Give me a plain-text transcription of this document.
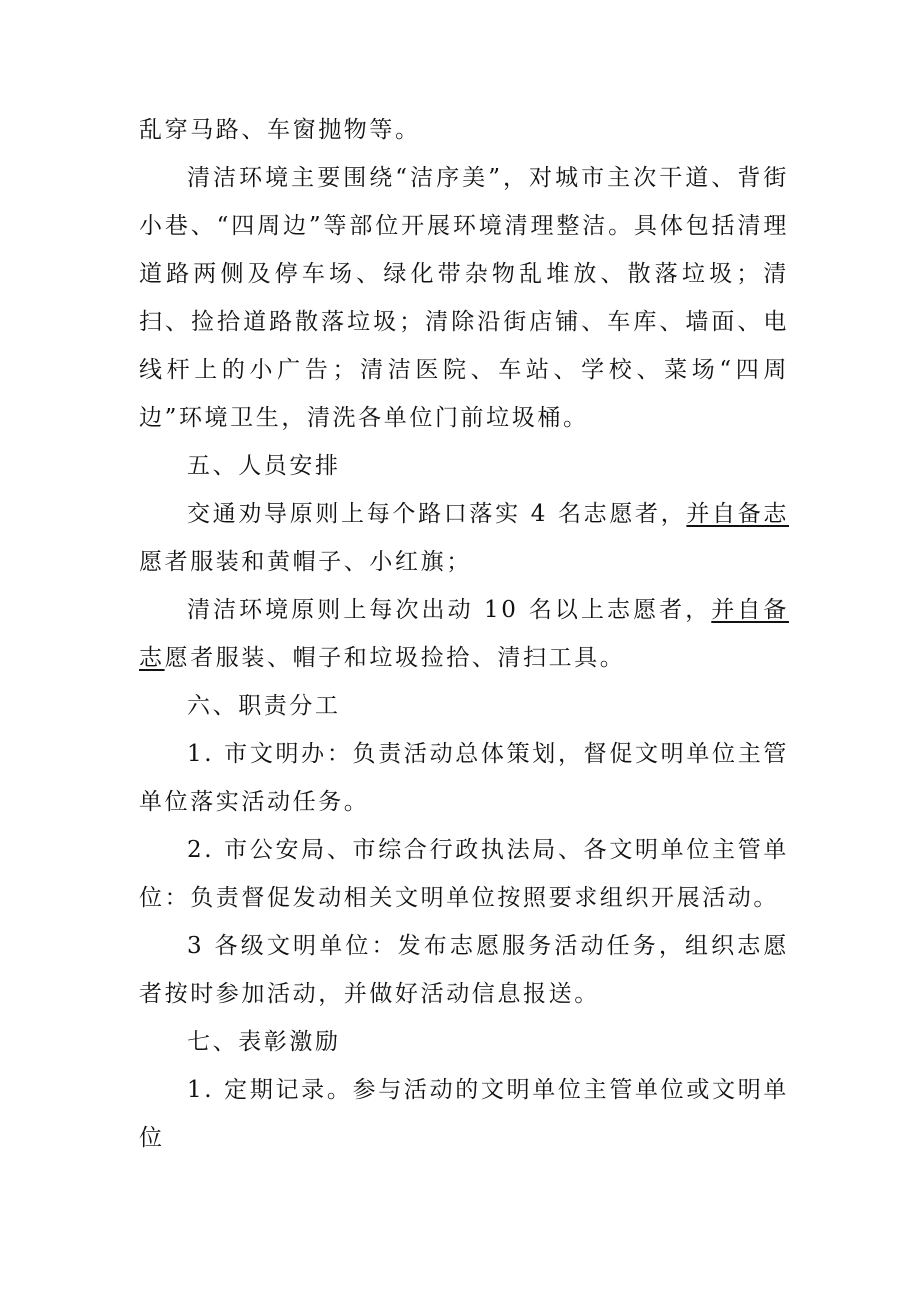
乱穿马路、车窗抛物等。

清洁环境主要围绕“洁序美”，对城市主次干道、背街小巷、“四周边”等部位开展环境清理整洁。具体包括清理道路两侧及停车场、绿化带杂物乱堆放、散落垃圾；清扫、捡拾道路散落垃圾；清除沿街店铺、车库、墙面、电线杆上的小广告；清洁医院、车站、学校、菜场“四周边”环境卫生，清洗各单位门前垃圾桶。

五、人员安排

交通劝导原则上每个路口落实 4 名志愿者，并自备志愿者服装和黄帽子、小红旗；

清洁环境原则上每次出动 10 名以上志愿者，并自备志愿者服装、帽子和垃圾捡拾、清扫工具。

六、职责分工

1. 市文明办：负责活动总体策划，督促文明单位主管单位落实活动任务。

2. 市公安局、市综合行政执法局、各文明单位主管单位：负责督促发动相关文明单位按照要求组织开展活动。

3 各级文明单位：发布志愿服务活动任务，组织志愿者按时参加活动，并做好活动信息报送。

七、表彰激励

1. 定期记录。参与活动的文明单位主管单位或文明单位
